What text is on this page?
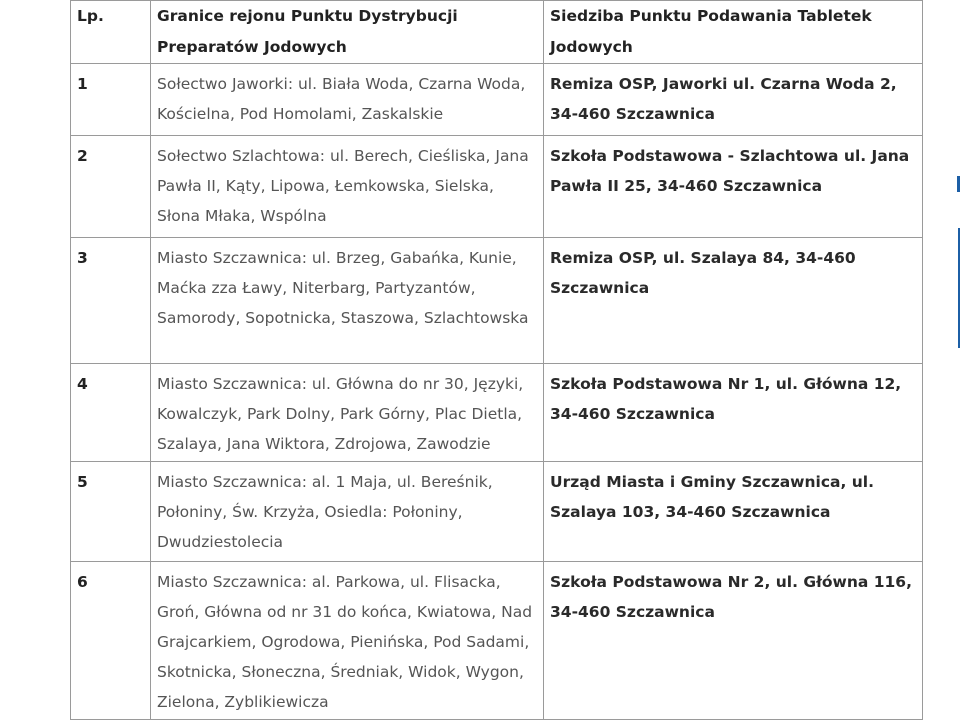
Lp.	Granice rejonu Punktu Dystrybucji Preparatów Jodowych	Siedziba Punktu Podawania Tabletek Jodowych
1	Sołectwo Jaworki: ul. Biała Woda, Czarna Woda, Kościelna, Pod Homolami, Zaskalskie	Remiza OSP, Jaworki ul. Czarna Woda 2, 34-460 Szczawnica
2	Sołectwo Szlachtowa: ul. Berech, Cieśliska, Jana Pawła II, Kąty, Lipowa, Łemkowska, Sielska, Słona Młaka, Wspólna	Szkoła Podstawowa - Szlachtowa ul. Jana Pawła II 25, 34-460 Szczawnica
3	Miasto Szczawnica: ul. Brzeg, Gabańka, Kunie, Maćka zza Ławy, Niterbarg, Partyzantów, Samorody, Sopotnicka, Staszowa, Szlachtowska	Remiza OSP, ul. Szalaya 84, 34-460 Szczawnica
4	Miasto Szczawnica: ul. Główna do nr 30, Języki, Kowalczyk, Park Dolny, Park Górny, Plac Dietla, Szalaya, Jana Wiktora, Zdrojowa, Zawodzie	Szkoła Podstawowa Nr 1, ul. Główna 12, 34-460 Szczawnica
5	Miasto Szczawnica: al. 1 Maja, ul. Bereśnik, Połoniny, Św. Krzyża, Osiedla: Połoniny, Dwudziestolecia	Urząd Miasta i Gminy Szczawnica, ul. Szalaya 103, 34-460 Szczawnica
6	Miasto Szczawnica: al. Parkowa, ul. Flisacka, Groń, Główna od nr 31 do końca, Kwiatowa, Nad Grajcarkiem, Ogrodowa, Pienińska, Pod Sadami, Skotnicka, Słoneczna, Średniak, Widok, Wygon, Zielona, Zyblikiewicza	Szkoła Podstawowa Nr 2, ul. Główna 116, 34-460 Szczawnica
